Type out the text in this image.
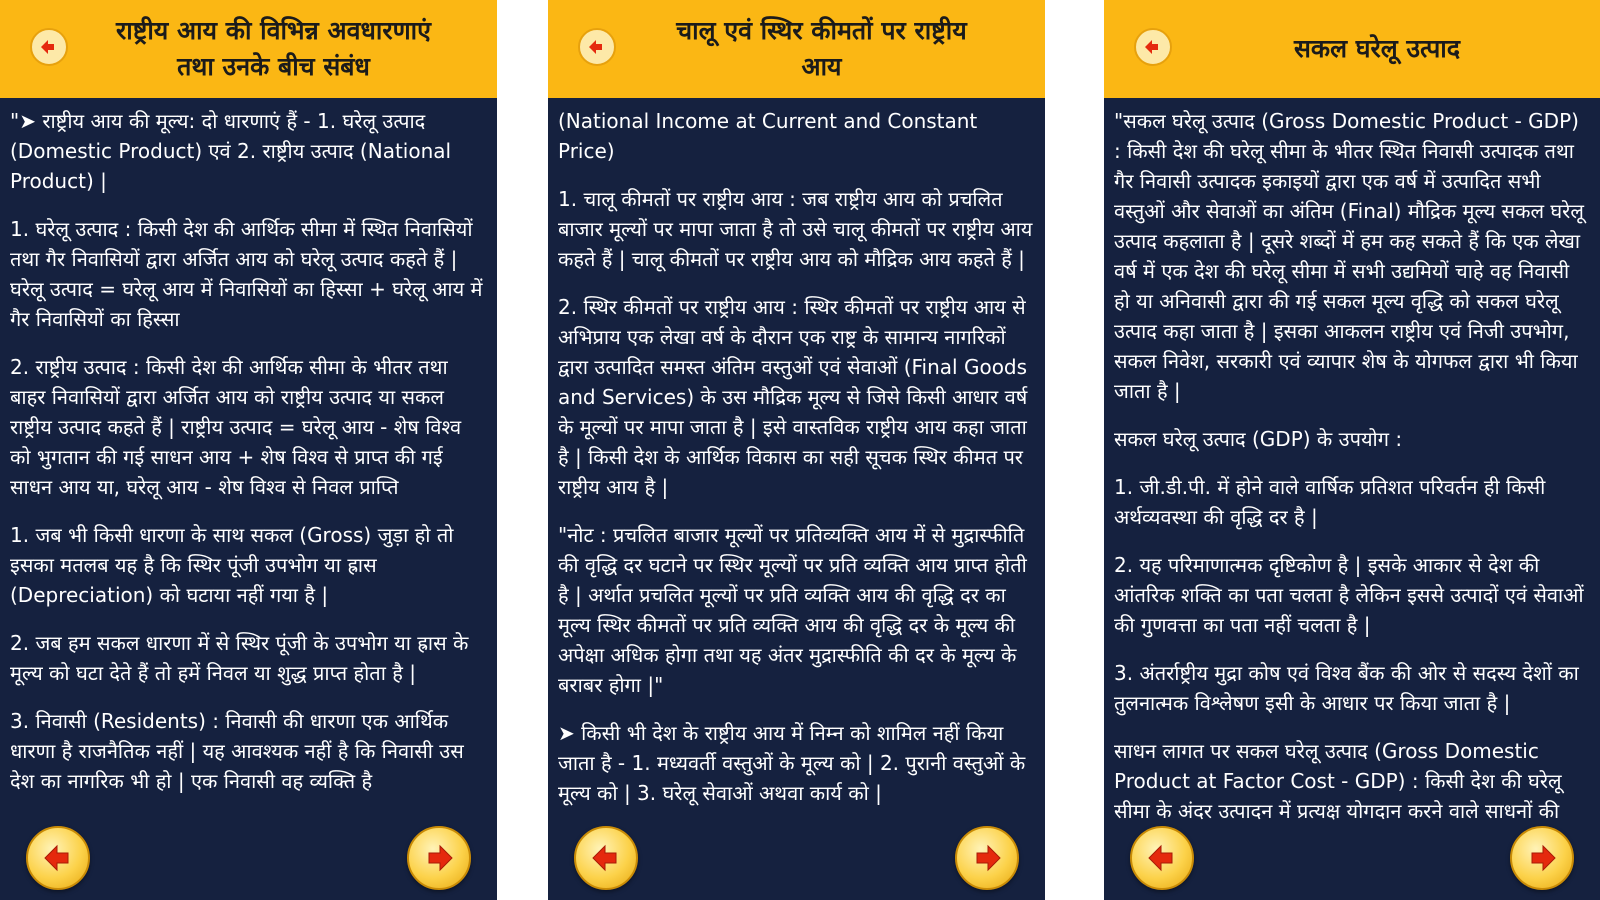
राष्ट्रीय आय की विभिन्न अवधारणाएं
तथा उनके बीच संबंध

"➤ राष्ट्रीय आय की मूल्य: दो धारणाएं हैं - 1. घरेलू उत्पाद (Domestic Product) एवं 2. राष्ट्रीय उत्पाद (National Product) |

1. घरेलू उत्पाद : किसी देश की आर्थिक सीमा में स्थित निवासियों तथा गैर निवासियों द्वारा अर्जित आय को घरेलू उत्पाद कहते हैं | घरेलू उत्पाद = घरेलू आय में निवासियों का हिस्सा + घरेलू आय में गैर निवासियों का हिस्सा

2. राष्ट्रीय उत्पाद : किसी देश की आर्थिक सीमा के भीतर तथा बाहर निवासियों द्वारा अर्जित आय को राष्ट्रीय उत्पाद या सकल राष्ट्रीय उत्पाद कहते हैं | राष्ट्रीय उत्पाद = घरेलू आय - शेष विश्व को भुगतान की गई साधन आय + शेष विश्व से प्राप्त की गई साधन आय या, घरेलू आय - शेष विश्व से निवल प्राप्ति

1. जब भी किसी धारणा के साथ सकल (Gross) जुड़ा हो तो इसका मतलब यह है कि स्थिर पूंजी उपभोग या ह्रास (Depreciation) को घटाया नहीं गया है |

2. जब हम सकल धारणा में से स्थिर पूंजी के उपभोग या ह्रास के मूल्य को घटा देते हैं तो हमें निवल या शुद्ध प्राप्त होता है |

3. निवासी (Residents) : निवासी की धारणा एक आर्थिक धारणा है राजनैतिक नहीं | यह आवश्यक नहीं है कि निवासी उस देश का नागरिक भी हो | एक निवासी वह व्यक्ति है

चालू एवं स्थिर कीमतों पर राष्ट्रीय
आय

(National Income at Current and Constant Price)

1. चालू कीमतों पर राष्ट्रीय आय : जब राष्ट्रीय आय को प्रचलित बाजार मूल्यों पर मापा जाता है तो उसे चालू कीमतों पर राष्ट्रीय आय कहते हैं | चालू कीमतों पर राष्ट्रीय आय को मौद्रिक आय कहते हैं |

2. स्थिर कीमतों पर राष्ट्रीय आय : स्थिर कीमतों पर राष्ट्रीय आय से अभिप्राय एक लेखा वर्ष के दौरान एक राष्ट्र के सामान्य नागरिकों द्वारा उत्पादित समस्त अंतिम वस्तुओं एवं सेवाओं (Final Goods and Services) के उस मौद्रिक मूल्य से जिसे किसी आधार वर्ष के मूल्यों पर मापा जाता है | इसे वास्तविक राष्ट्रीय आय कहा जाता है | किसी देश के आर्थिक विकास का सही सूचक स्थिर कीमत पर राष्ट्रीय आय है |

"नोट : प्रचलित बाजार मूल्यों पर प्रतिव्यक्ति आय में से मुद्रास्फीति की वृद्धि दर घटाने पर स्थिर मूल्यों पर प्रति व्यक्ति आय प्राप्त होती है | अर्थात प्रचलित मूल्यों पर प्रति व्यक्ति आय की वृद्धि दर का मूल्य स्थिर कीमतों पर प्रति व्यक्ति आय की वृद्धि दर के मूल्य की अपेक्षा अधिक होगा तथा यह अंतर मुद्रास्फीति की दर के मूल्य के बराबर होगा |"

➤ किसी भी देश के राष्ट्रीय आय में निम्न को शामिल नहीं किया जाता है - 1. मध्यवर्ती वस्तुओं के मूल्य को | 2. पुरानी वस्तुओं के मूल्य को | 3. घरेलू सेवाओं अथवा कार्य को |

सकल घरेलू उत्पाद

"सकल घरेलू उत्पाद (Gross Domestic Product - GDP) : किसी देश की घरेलू सीमा के भीतर स्थित निवासी उत्पादक तथा गैर निवासी उत्पादक इकाइयों द्वारा एक वर्ष में उत्पादित सभी वस्तुओं और सेवाओं का अंतिम (Final) मौद्रिक मूल्य सकल घरेलू उत्पाद कहलाता है | दूसरे शब्दों में हम कह सकते हैं कि एक लेखा वर्ष में एक देश की घरेलू सीमा में सभी उद्यमियों चाहे वह निवासी हो या अनिवासी द्वारा की गई सकल मूल्य वृद्धि को सकल घरेलू उत्पाद कहा जाता है | इसका आकलन राष्ट्रीय एवं निजी उपभोग, सकल निवेश, सरकारी एवं व्यापार शेष के योगफल द्वारा भी किया जाता है |

सकल घरेलू उत्पाद (GDP) के उपयोग :

1. जी.डी.पी. में होने वाले वार्षिक प्रतिशत परिवर्तन ही किसी अर्थव्यवस्था की वृद्धि दर है |

2. यह परिमाणात्मक दृष्टिकोण है | इसके आकार से देश की आंतरिक शक्ति का पता चलता है लेकिन इससे उत्पादों एवं सेवाओं की गुणवत्ता का पता नहीं चलता है |

3. अंतर्राष्ट्रीय मुद्रा कोष एवं विश्व बैंक की ओर से सदस्य देशों का तुलनात्मक विश्लेषण इसी के आधार पर किया जाता है |

साधन लागत पर सकल घरेलू उत्पाद (Gross Domestic Product at Factor Cost - GDP) : किसी देश की घरेलू सीमा के अंदर उत्पादन में प्रत्यक्ष योगदान करने वाले साधनों की
